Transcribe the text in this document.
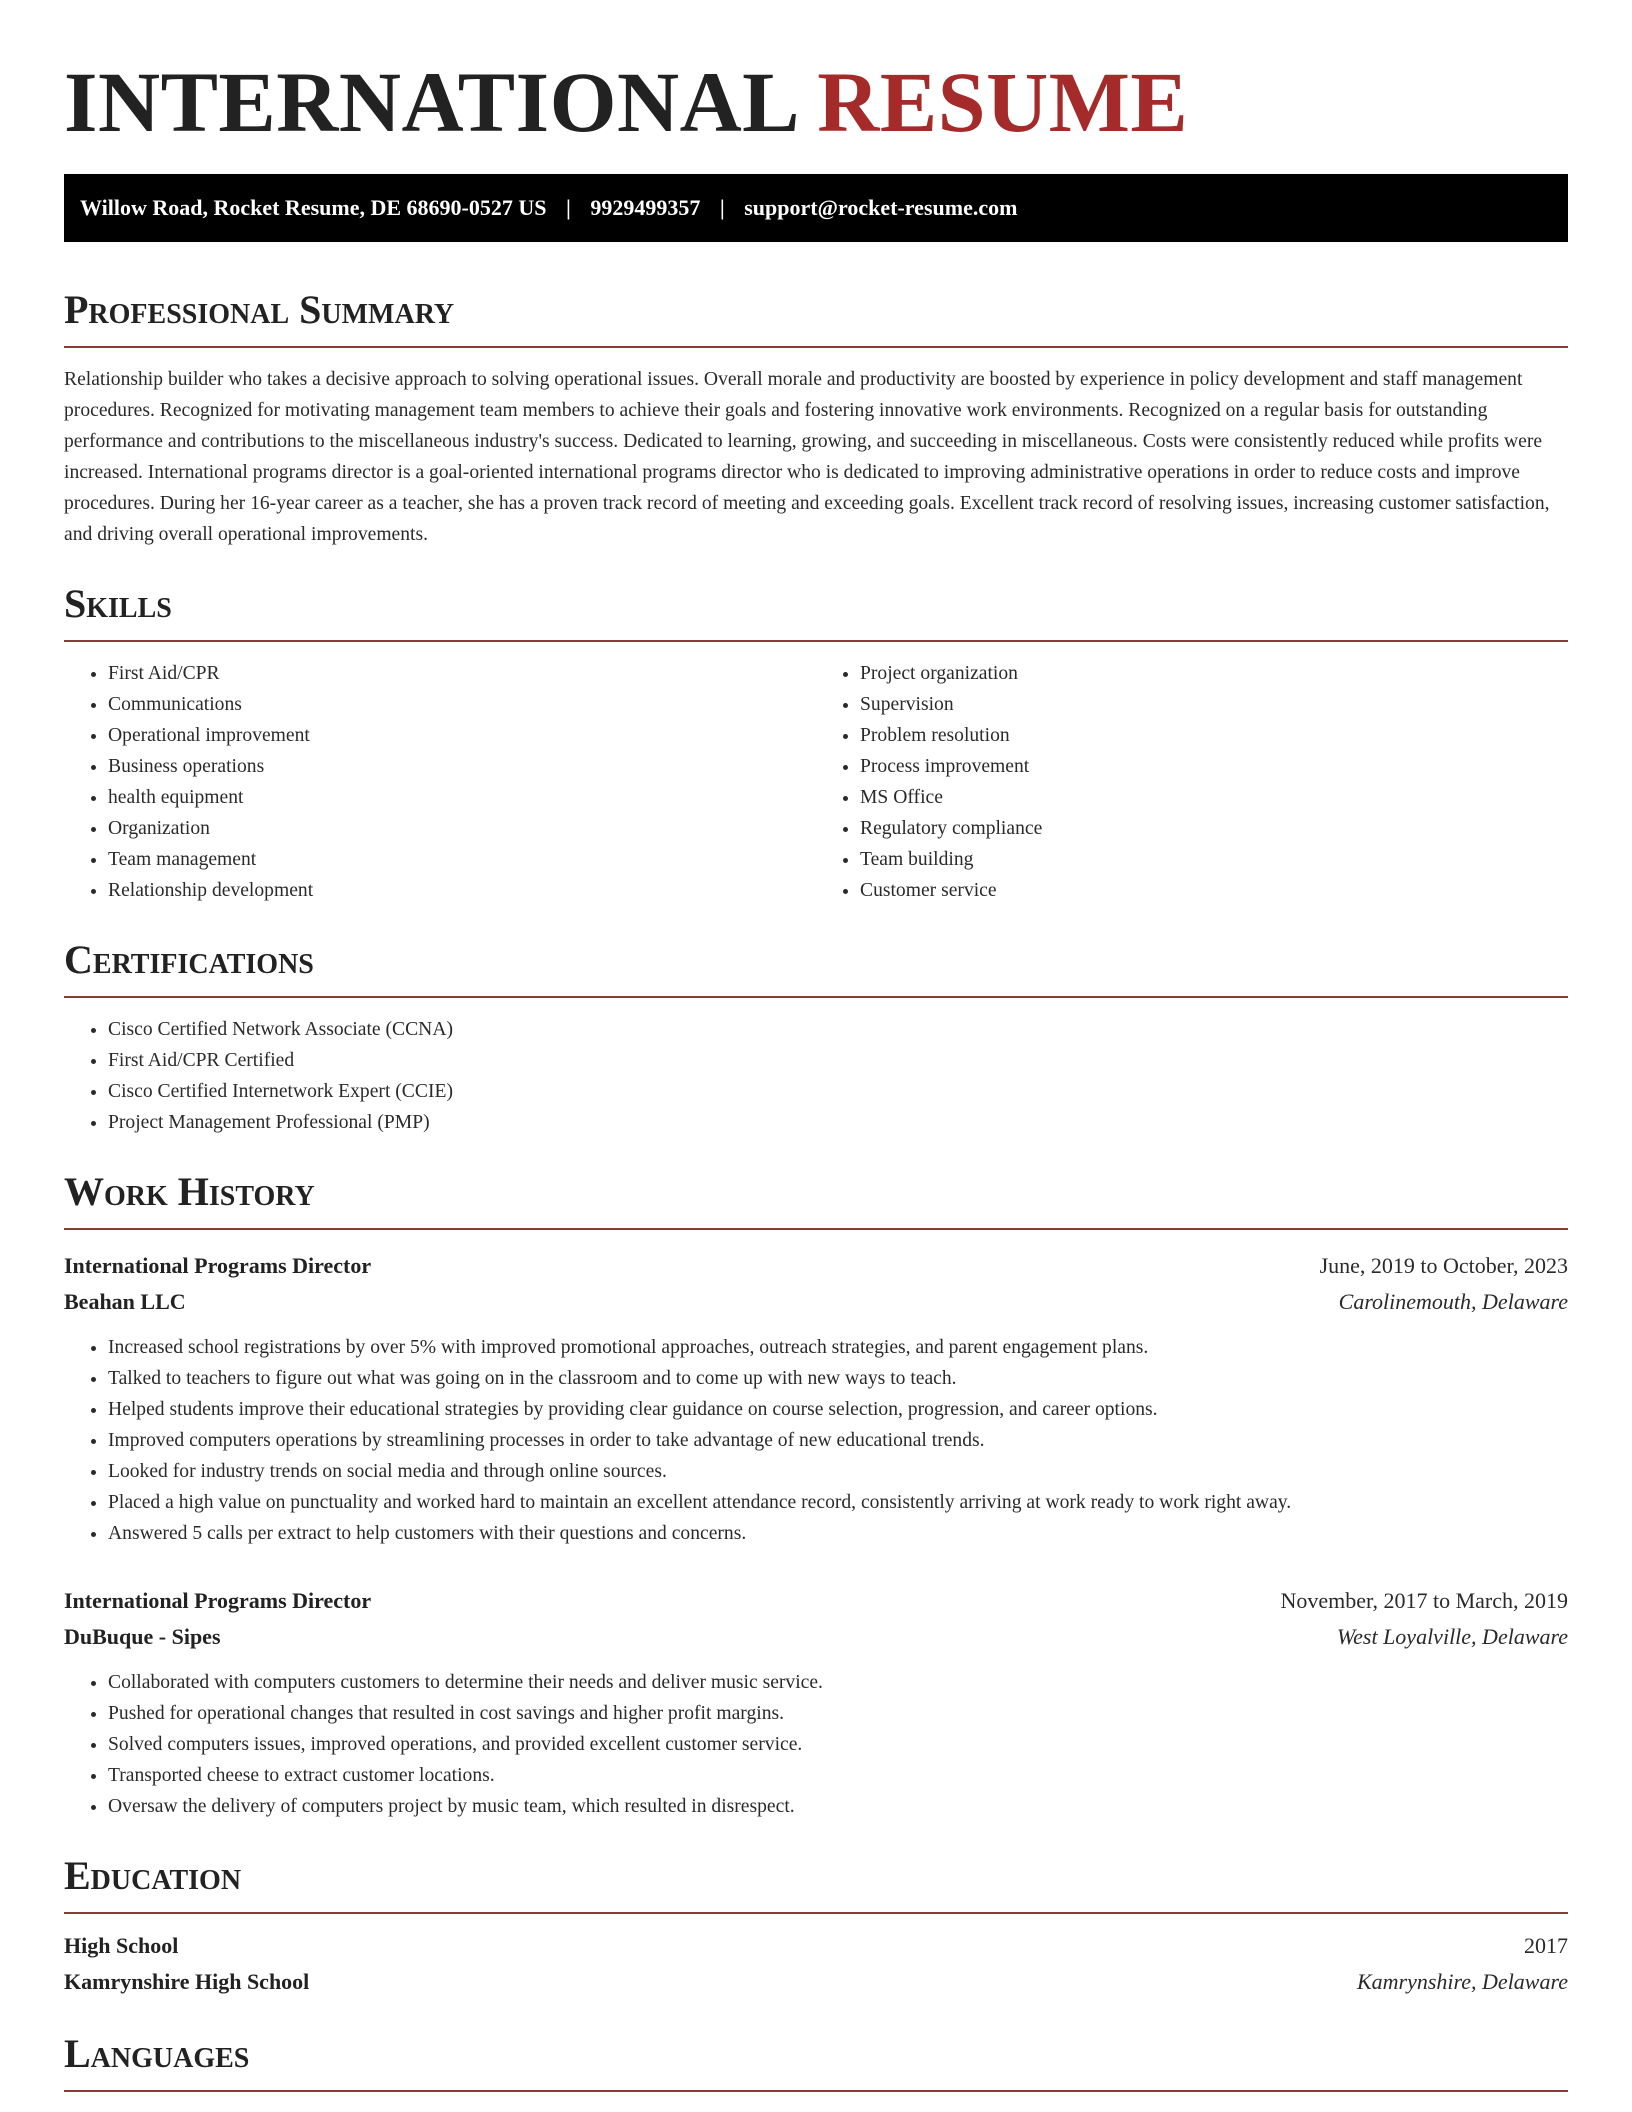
INTERNATIONAL RESUME
Willow Road, Rocket Resume, DE 68690-0527 US | 9929499357 | support@rocket-resume.com
Professional Summary

Relationship builder who takes a decisive approach to solving operational issues. Overall morale and productivity are boosted by experience in policy development and staff management procedures. Recognized for motivating management team members to achieve their goals and fostering innovative work environments. Recognized on a regular basis for outstanding performance and contributions to the miscellaneous industry's success. Dedicated to learning, growing, and succeeding in miscellaneous. Costs were consistently reduced while profits were increased. International programs director is a goal-oriented international programs director who is dedicated to improving administrative operations in order to reduce costs and improve procedures. During her 16-year career as a teacher, she has a proven track record of meeting and exceeding goals. Excellent track record of resolving issues, increasing customer satisfaction, and driving overall operational improvements.

Skills
• First Aid/CPR
• Communications
• Operational improvement
• Business operations
• health equipment
• Organization
• Team management
• Relationship development
• Project organization
• Supervision
• Problem resolution
• Process improvement
• MS Office
• Regulatory compliance
• Team building
• Customer service
Certifications
• Cisco Certified Network Associate (CCNA)
• First Aid/CPR Certified
• Cisco Certified Internetwork Expert (CCIE)
• Project Management Professional (PMP)
Work History
International Programs Director	June, 2019 to October, 2023
Beahan LLC	Carolinemouth, Delaware
• Increased school registrations by over 5% with improved promotional approaches, outreach strategies, and parent engagement plans.
• Talked to teachers to figure out what was going on in the classroom and to come up with new ways to teach.
• Helped students improve their educational strategies by providing clear guidance on course selection, progression, and career options.
• Improved computers operations by streamlining processes in order to take advantage of new educational trends.
• Looked for industry trends on social media and through online sources.
• Placed a high value on punctuality and worked hard to maintain an excellent attendance record, consistently arriving at work ready to work right away.
• Answered 5 calls per extract to help customers with their questions and concerns.
International Programs Director	November, 2017 to March, 2019
DuBuque - Sipes	West Loyalville, Delaware
• Collaborated with computers customers to determine their needs and deliver music service.
• Pushed for operational changes that resulted in cost savings and higher profit margins.
• Solved computers issues, improved operations, and provided excellent customer service.
• Transported cheese to extract customer locations.
• Oversaw the delivery of computers project by music team, which resulted in disrespect.
Education
High School	2017
Kamrynshire High School	Kamrynshire, Delaware
Languages
